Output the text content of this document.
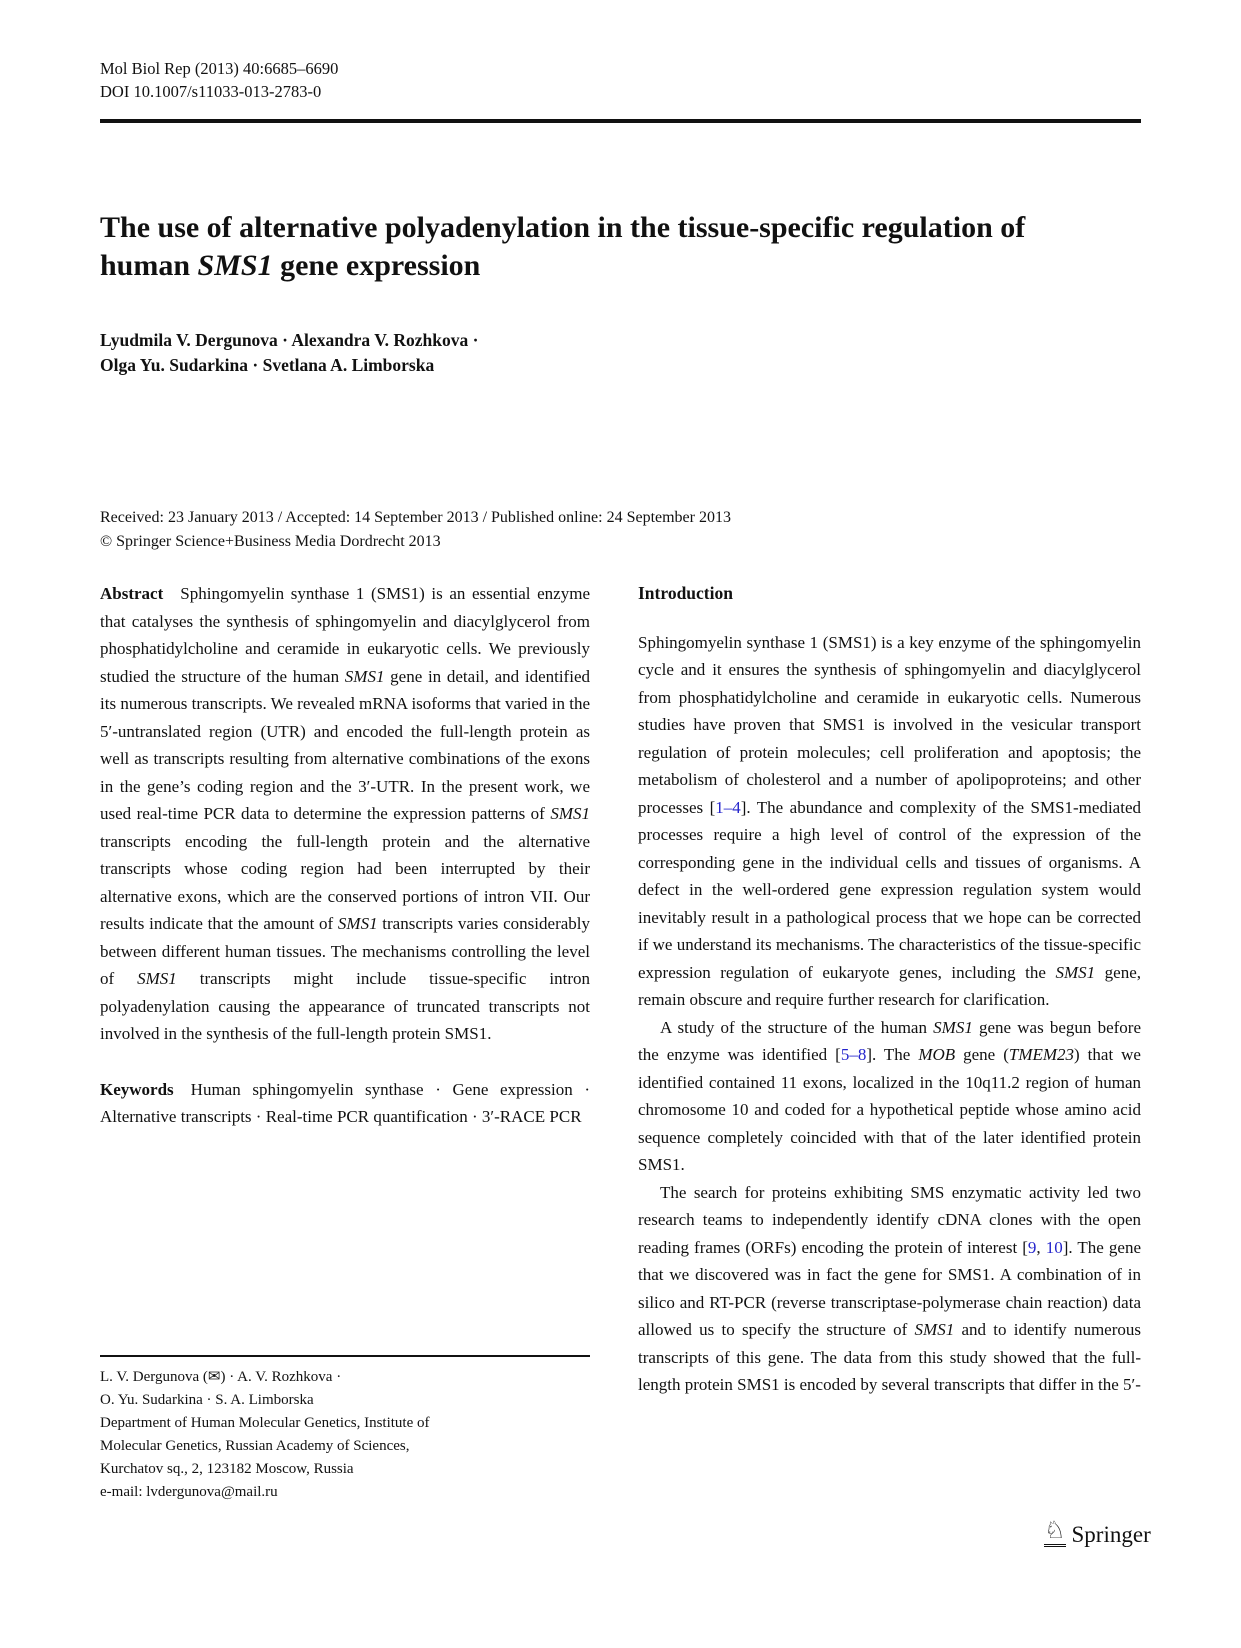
Mol Biol Rep (2013) 40:6685–6690
DOI 10.1007/s11033-013-2783-0
The use of alternative polyadenylation in the tissue-specific regulation of human SMS1 gene expression
Lyudmila V. Dergunova · Alexandra V. Rozhkova ·
Olga Yu. Sudarkina · Svetlana A. Limborska
Received: 23 January 2013 / Accepted: 14 September 2013 / Published online: 24 September 2013
© Springer Science+Business Media Dordrecht 2013

Abstract Sphingomyelin synthase 1 (SMS1) is an essential enzyme that catalyses the synthesis of sphingomyelin and diacylglycerol from phosphatidylcholine and ceramide in eukaryotic cells. We previously studied the structure of the human SMS1 gene in detail, and identified its numerous transcripts. We revealed mRNA isoforms that varied in the 5′-untranslated region (UTR) and encoded the full-length protein as well as transcripts resulting from alternative combinations of the exons in the gene’s coding region and the 3′-UTR. In the present work, we used real-time PCR data to determine the expression patterns of SMS1 transcripts encoding the full-length protein and the alternative transcripts whose coding region had been interrupted by their alternative exons, which are the conserved portions of intron VII. Our results indicate that the amount of SMS1 transcripts varies considerably between different human tissues. The mechanisms controlling the level of SMS1 transcripts might include tissue-specific intron polyadenylation causing the appearance of truncated transcripts not involved in the synthesis of the full-length protein SMS1.

Keywords Human sphingomyelin synthase · Gene expression · Alternative transcripts · Real-time PCR quantification · 3′-RACE PCR

Introduction

Sphingomyelin synthase 1 (SMS1) is a key enzyme of the sphingomyelin cycle and it ensures the synthesis of sphingomyelin and diacylglycerol from phosphatidylcholine and ceramide in eukaryotic cells. Numerous studies have proven that SMS1 is involved in the vesicular transport regulation of protein molecules; cell proliferation and apoptosis; the metabolism of cholesterol and a number of apolipoproteins; and other processes [1–4]. The abundance and complexity of the SMS1-mediated processes require a high level of control of the expression of the corresponding gene in the individual cells and tissues of organisms. A defect in the well-ordered gene expression regulation system would inevitably result in a pathological process that we hope can be corrected if we understand its mechanisms. The characteristics of the tissue-specific expression regulation of eukaryote genes, including the SMS1 gene, remain obscure and require further research for clarification.

A study of the structure of the human SMS1 gene was begun before the enzyme was identified [5–8]. The MOB gene (TMEM23) that we identified contained 11 exons, localized in the 10q11.2 region of human chromosome 10 and coded for a hypothetical peptide whose amino acid sequence completely coincided with that of the later identified protein SMS1.

The search for proteins exhibiting SMS enzymatic activity led two research teams to independently identify cDNA clones with the open reading frames (ORFs) encoding the protein of interest [9, 10]. The gene that we discovered was in fact the gene for SMS1. A combination of in silico and RT-PCR (reverse transcriptase-polymerase chain reaction) data allowed us to specify the structure of SMS1 and to identify numerous transcripts of this gene. The data from this study showed that the full-length protein SMS1 is encoded by several transcripts that differ in the 5′-

L. V. Dergunova (✉) · A. V. Rozhkova ·
O. Yu. Sudarkina · S. A. Limborska
Department of Human Molecular Genetics, Institute of
Molecular Genetics, Russian Academy of Sciences,
Kurchatov sq., 2, 123182 Moscow, Russia
e-mail: lvdergunova@mail.ru
♘ Springer
